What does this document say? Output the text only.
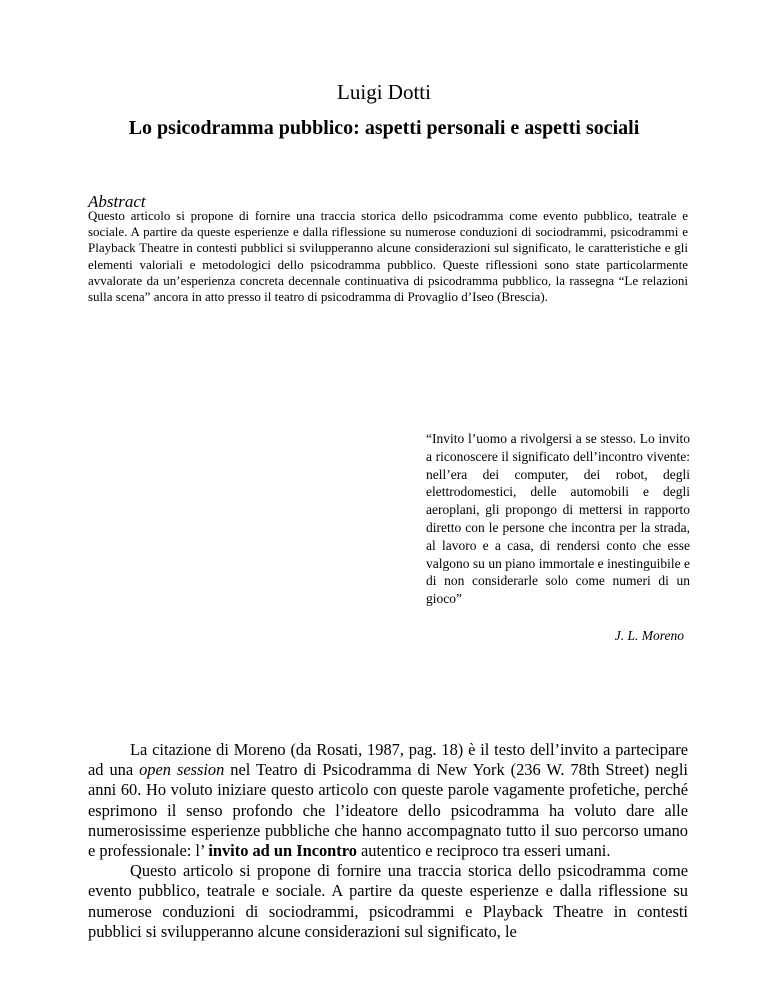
Luigi Dotti
Lo psicodramma pubblico: aspetti personali e aspetti sociali
Abstract
Questo articolo si propone di fornire una traccia storica dello psicodramma come evento pubblico, teatrale e sociale. A partire da queste esperienze e dalla riflessione su numerose conduzioni di sociodrammi, psicodrammi e Playback Theatre in contesti pubblici si svilupperanno alcune considerazioni sul significato, le caratteristiche e gli elementi valoriali e metodologici dello psicodramma pubblico. Queste riflessioni sono state particolarmente avvalorate da un’esperienza concreta decennale continuativa di psicodramma pubblico, la rassegna “Le relazioni sulla scena” ancora in atto presso il teatro di psicodramma di Provaglio d’Iseo (Brescia).
“Invito l’uomo a rivolgersi a se stesso. Lo invito a riconoscere il significato dell’incontro vivente: nell’era dei computer, dei robot, degli elettrodomestici, delle automobili e degli aeroplani, gli propongo di mettersi in rapporto diretto con le persone che incontra per la strada, al lavoro e a casa, di rendersi conto che esse valgono su un piano immortale e inestinguibile e di non considerarle solo come numeri di un gioco”
J. L. Moreno

La citazione di Moreno (da Rosati, 1987, pag. 18) è il testo dell’invito a partecipare ad una open session nel Teatro di Psicodramma di New York (236 W. 78th Street) negli anni 60. Ho voluto iniziare questo articolo con queste parole vagamente profetiche, perché esprimono il senso profondo che l’ideatore dello psicodramma ha voluto dare alle numerosissime esperienze pubbliche che hanno accompagnato tutto il suo percorso umano e professionale: l’ invito ad un Incontro autentico e reciproco tra esseri umani.

Questo articolo si propone di fornire una traccia storica dello psicodramma come evento pubblico, teatrale e sociale. A partire da queste esperienze e dalla riflessione su numerose conduzioni di sociodrammi, psicodrammi e Playback Theatre in contesti pubblici si svilupperanno alcune considerazioni sul significato, le
